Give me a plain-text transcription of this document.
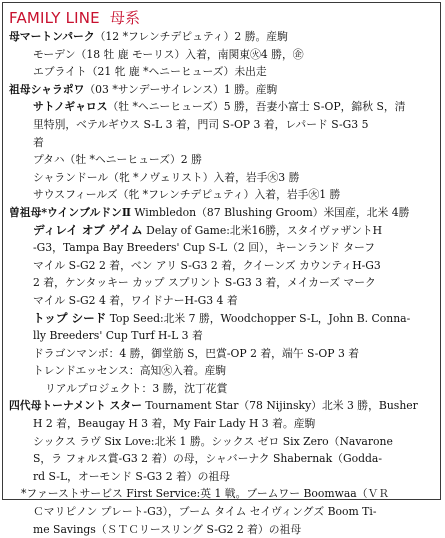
FAMILY LINE 母系
母マートンパーク（12 *フレンチデピュティ）2 勝。産駒
モーデン（18 牡 鹿 モーリス）入着，南関東㊋4 勝，㊭
エブライト（21 牝 鹿 *ヘニーヒューズ）未出走
祖母シャラポワ（03 *サンデーサイレンス）1 勝。産駒
サトノギャロス（牡 *ヘニーヒューズ）5 勝，吾妻小富士 S-OP，錦秋 S，清
里特別，ベテルギウス S-L 3 着，門司 S-OP 3 着，レパード S-G3 5
着
プタハ（牡 *ヘニーヒューズ）2 勝
シャランドール（牝 *ノヴェリスト）入着，岩手㊋3 勝
サウスフィールズ（牝 *フレンチデピュティ）入着，岩手㊋1 勝
曽祖母*ウインブルドンⅡ Wimbledon（87 Blushing Groom）米国産，北米 4勝
ディレイ オブ ゲイム Delay of Game:北米16勝，スタイヴァザントH
-G3，Tampa Bay Breeders' Cup S-L（2 回），キーンランド ターフ
マイル S-G2 2 着，ベン アリ S-G3 2 着，クイーンズ カウンティH-G3
2 着，ケンタッキー カップ スプリント S-G3 3 着，メイカーズ マーク
マイル S-G2 4 着，ワイドナーH-G3 4 着
トップ シード Top Seed:北米 7 勝，Woodchopper S-L，John B. Conna-
lly Breeders' Cup Turf H-L 3 着
ドラゴンマンボ：4 勝，御堂筋 S，巴賞-OP 2 着，端午 S-OP 3 着
トレンドエッセンス：高知㊋入着。産駒
リアルプロジェクト：3 勝，沈丁花賞
四代母トーナメント スター Tournament Star（78 Nijinsky）北米 3 勝，Busher
H 2 着，Beaugay H 3 着，My Fair Lady H 3 着。産駒
シックス ラヴ Six Love:北米 1 勝。シックス ゼロ Six Zero（Navarone
S，ラ フォルス賞-G3 2 着）の母，シャバーナク Shabernak（Godda-
rd S-L，オーモンド S-G3 2 着）の祖母
*ファーストサービス First Service:英 1 戦。ブームワー Boomwaa（ＶＲ
Ｃマリピノン プレート-G3），ブーム タイム セイヴィングズ Boom Ti-
me Savings（ＳＴＣリースリング S-G2 2 着）の祖母
